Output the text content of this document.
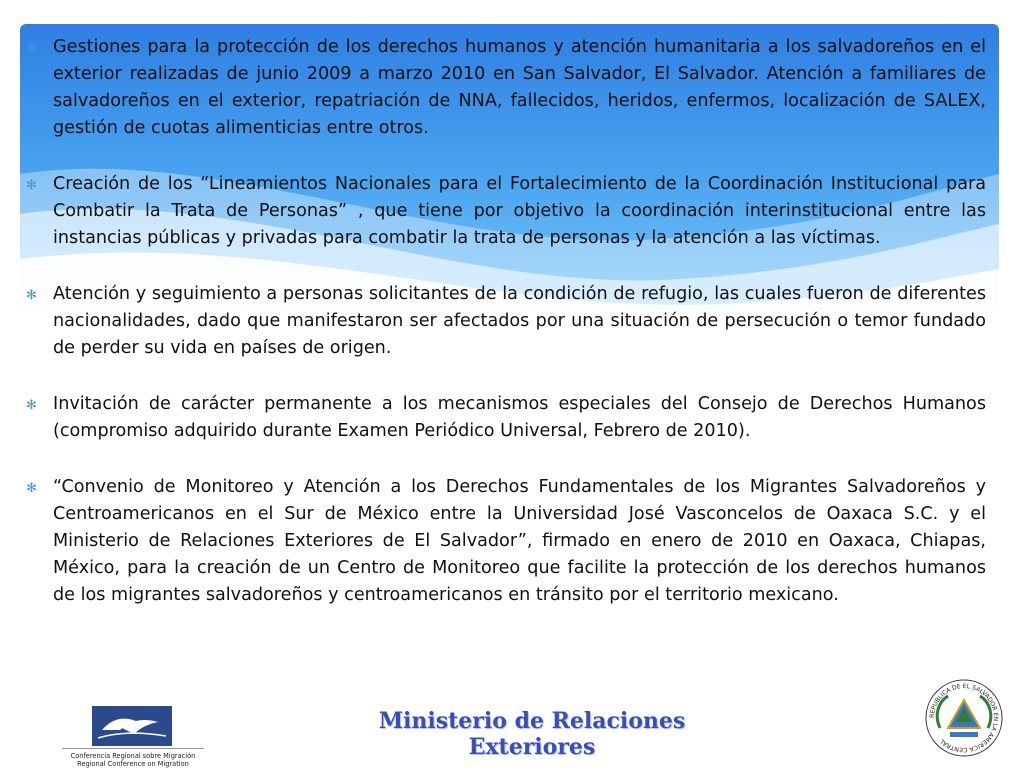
✻ Gestiones para la protección de los derechos humanos y atención humanitaria a los salvadoreños en el exterior realizadas de junio 2009 a marzo 2010 en San Salvador, El Salvador. Atención a familiares de salvadoreños en el exterior, repatriación de NNA, fallecidos, heridos, enfermos, localización de SALEX, gestión de cuotas alimenticias entre otros.
✻ Creación de los “Lineamientos Nacionales para el Fortalecimiento de la Coordinación Institucional para Combatir la Trata de Personas” , que tiene por objetivo la coordinación interinstitucional entre las instancias públicas y privadas para combatir la trata de personas y la atención a las víctimas.
✻ Atención y seguimiento a personas solicitantes de la condición de refugio, las cuales fueron de diferentes nacionalidades, dado que manifestaron ser afectados por una situación de persecución o temor fundado de perder su vida en países de origen.
✻ Invitación de carácter permanente a los mecanismos especiales del Consejo de Derechos Humanos (compromiso adquirido durante Examen Periódico Universal, Febrero de 2010).
✻ “Convenio de Monitoreo y Atención a los Derechos Fundamentales de los Migrantes Salvadoreños y Centroamericanos en el Sur de México entre la Universidad José Vasconcelos de Oaxaca S.C. y el Ministerio de Relaciones Exteriores de El Salvador”, firmado en enero de 2010 en Oaxaca, Chiapas, México, para la creación de un Centro de Monitoreo que facilite la protección de los derechos humanos de los migrantes salvadoreños y centroamericanos en tránsito por el territorio mexicano.
Conferencia Regional sobre Migración
Regional Conference on Migration
Ministerio de Relaciones Exteriores
REPUBLICA DE EL SALVADOR EN LA AMERICA CENTRAL
